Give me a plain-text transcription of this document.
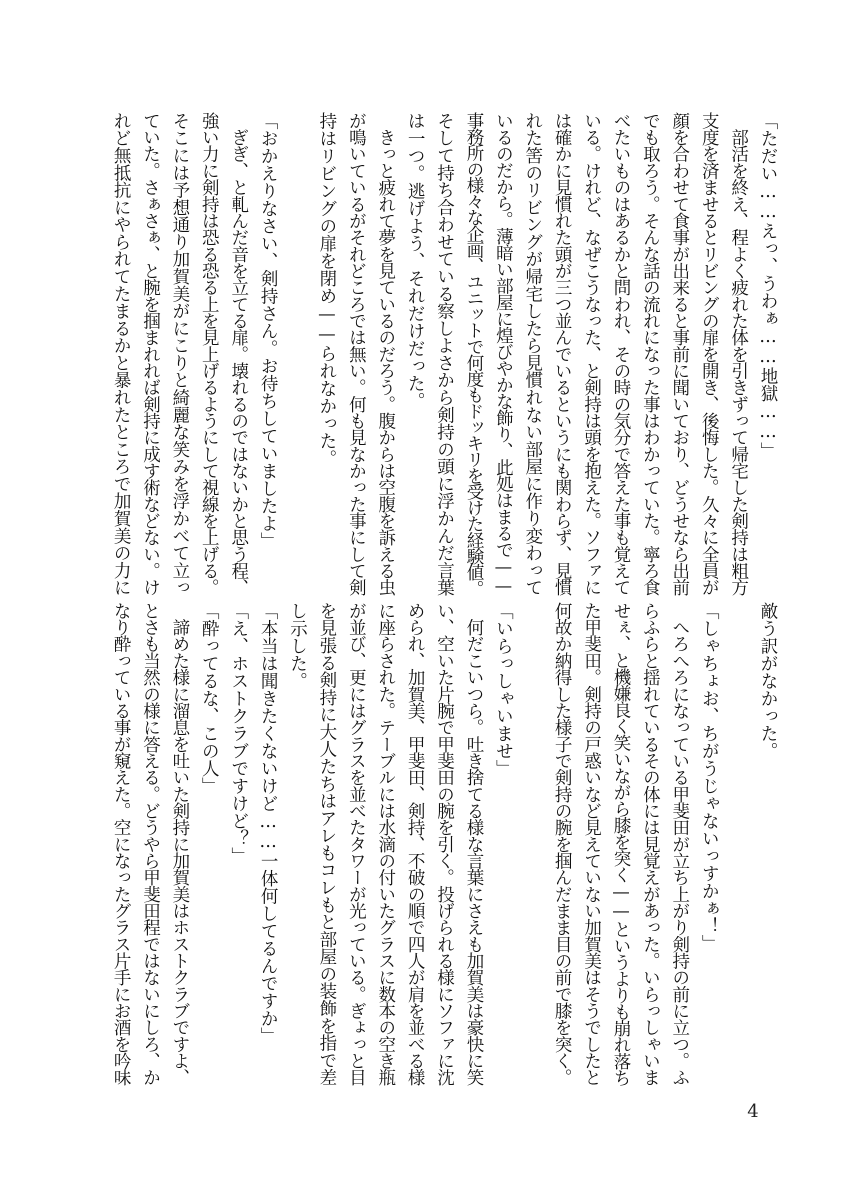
「ただい……えっ、うわぁ……地獄……」
　部活を終え、程よく疲れた体を引きずって帰宅した剣持は粗方
支度を済ませるとリビングの扉を開き、後悔した。久々に全員が
顔を合わせて食事が出来ると事前に聞いており、どうせなら出前
でも取ろう。そんな話の流れになった事はわかっていた。寧ろ食
べたいものはあるかと問われ、その時の気分で答えた事も覚えて
いる。けれど、なぜこうなった、と剣持は頭を抱えた。ソファに
は確かに見慣れた頭が三つ並んでいるというにも関わらず、見慣
れた筈のリビングが帰宅したら見慣れない部屋に作り変わって
いるのだから。薄暗い部屋に煌びやかな飾り、此処はまるで——
事務所の様々な企画、ユニットで何度もドッキリを受けた経験値。
そして持ち合わせている察しよさから剣持の頭に浮かんだ言葉
は一つ。逃げよう、それだけだった。
　きっと疲れて夢を見ているのだろう。腹からは空腹を訴える虫
が鳴いているがそれどころでは無い。何も見なかった事にして剣
持はリビングの扉を閉め——られなかった。

「おかえりなさい、剣持さん。お待ちしていましたよ」
　ぎぎ、と軋んだ音を立てる扉。壊れるのではないかと思う程、
強い力に剣持は恐る恐る上を見上げるようにして視線を上げる。
そこには予想通り加賀美がにこりと綺麗な笑みを浮かべて立っ
ていた。さぁさぁ、と腕を掴まれれば剣持に成す術などない。け
れど無抵抗にやられてたまるかと暴れたところで加賀美の力に
敵う訳がなかった。

「しゃちょお、ちがうじゃないっすかぁ！」
　へろへろになっている甲斐田が立ち上がり剣持の前に立つ。ふ
らふらと揺れているその体には見覚えがあった。いらっしゃいま
せぇ、と機嫌良く笑いながら膝を突く——というよりも崩れ落ち
た甲斐田。剣持の戸惑いなど見えていない加賀美はそうでしたと
何故か納得した様子で剣持の腕を掴んだまま目の前で膝を突く。

「いらっしゃいませ」
　何だこいつら。吐き捨てる様な言葉にさえも加賀美は豪快に笑
い、空いた片腕で甲斐田の腕を引く。投げられる様にソファに沈
められ、加賀美、甲斐田、剣持、不破の順で四人が肩を並べる様
に座らされた。テーブルには水滴の付いたグラスに数本の空き瓶
が並び、更にはグラスを並べたタワーが光っている。ぎょっと目
を見張る剣持に大人たちはアレもコレもと部屋の装飾を指で差
し示した。
「本当は聞きたくないけど……一体何してるんですか」
「え、ホストクラブですけど？」
「酔ってるな、この人」
　諦めた様に溜息を吐いた剣持に加賀美はホストクラブですよ、
とさも当然の様に答える。どうやら甲斐田程ではないにしろ、か
なり酔っている事が窺えた。空になったグラス片手にお酒を吟味
4
